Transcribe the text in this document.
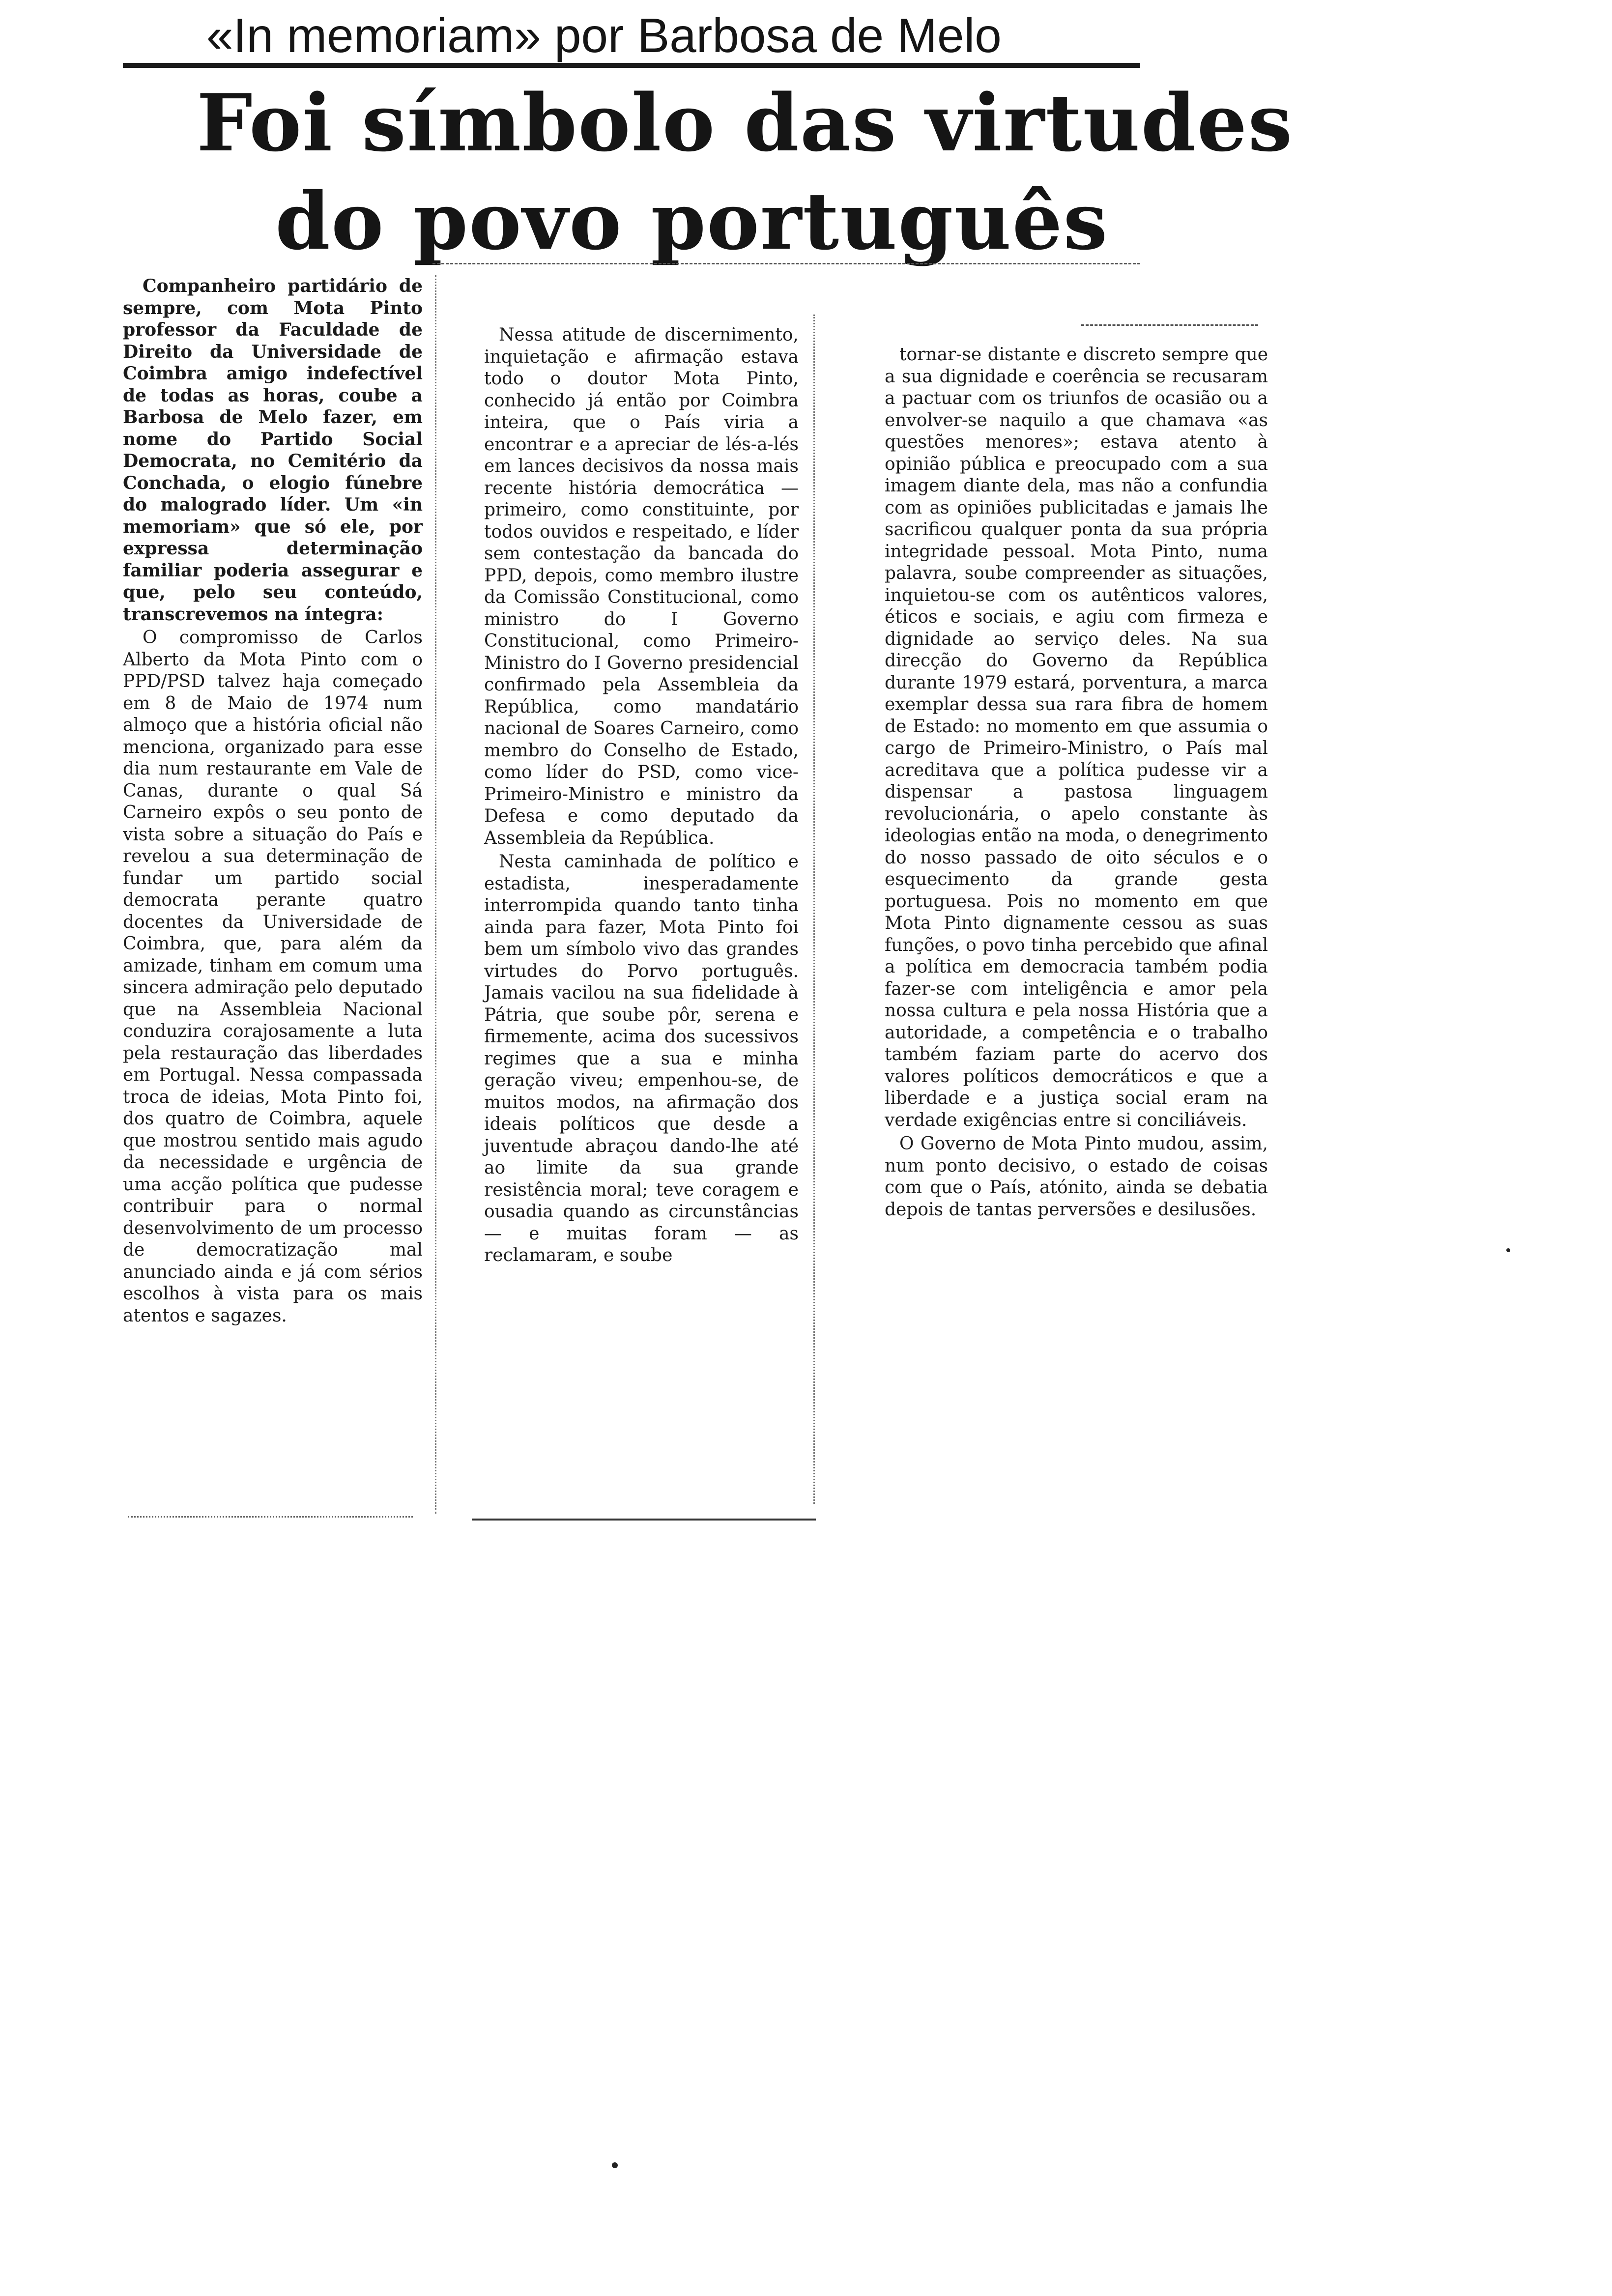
«In memoriam» por Barbosa de Melo
Foi símbolo das virtudes
do povo português

Companheiro partidário de sempre, com Mota Pinto professor da Faculdade de Direito da Universidade de Coimbra amigo indefectível de todas as horas, coube a Barbosa de Melo fazer, em nome do Partido Social Democrata, no Cemitério da Conchada, o elogio fúnebre do malogrado líder. Um «in memoriam» que só ele, por expressa determinação familiar poderia assegurar e que, pelo seu conteúdo, transcrevemos na íntegra:

O compromisso de Carlos Alberto da Mota Pinto com o PPD/PSD talvez haja começado em 8 de Maio de 1974 num almoço que a história oficial não menciona, organizado para esse dia num restaurante em Vale de Canas, durante o qual Sá Carneiro expôs o seu ponto de vista sobre a situação do País e revelou a sua determinação de fundar um partido social democrata perante quatro docentes da Universidade de Coimbra, que, para além da amizade, tinham em comum uma sincera admiração pelo deputado que na Assembleia Nacional conduzira corajosamente a luta pela restauração das liberdades em Portugal. Nessa compassada troca de ideias, Mota Pinto foi, dos quatro de Coimbra, aquele que mostrou sentido mais agudo da necessidade e urgência de uma acção política que pudesse contribuir para o normal desenvolvimento de um processo de democratização mal anunciado ainda e já com sérios escolhos à vista para os mais atentos e sagazes.

Nessa atitude de discernimento, inquietação e afirmação estava todo o doutor Mota Pinto, conhecido já então por Coimbra inteira, que o País viria a encontrar e a apreciar de lés-a-lés em lances decisivos da nossa mais recente história democrática — primeiro, como constituinte, por todos ouvidos e respeitado, e líder sem contestação da bancada do PPD, depois, como membro ilustre da Comissão Constitucional, como ministro do I Governo Constitucional, como Primeiro-Ministro do I Governo presidencial confirmado pela Assembleia da República, como mandatário nacional de Soares Carneiro, como membro do Conselho de Estado, como líder do PSD, como vice-Primeiro-Ministro e ministro da Defesa e como deputado da Assembleia da República.

Nesta caminhada de político e estadista, inesperadamente interrompida quando tanto tinha ainda para fazer, Mota Pinto foi bem um símbolo vivo das grandes virtudes do Porvo português. Jamais vacilou na sua fidelidade à Pátria, que soube pôr, serena e firmemente, acima dos sucessivos regimes que a sua e minha geração viveu; empenhou-se, de muitos modos, na afirmação dos ideais políticos que desde a juventude abraçou dando-lhe até ao limite da sua grande resistência moral; teve coragem e ousadia quando as circunstâncias — e muitas foram — as reclamaram, e soube

tornar-se distante e discreto sempre que a sua dignidade e coerência se recusaram a pactuar com os triunfos de ocasião ou a envolver-se naquilo a que chamava «as questões menores»; estava atento à opinião pública e preocupado com a sua imagem diante dela, mas não a confundia com as opiniões publicitadas e jamais lhe sacrificou qualquer ponta da sua própria integridade pessoal. Mota Pinto, numa palavra, soube compreender as situações, inquietou-se com os autênticos valores, éticos e sociais, e agiu com firmeza e dignidade ao serviço deles. Na sua direcção do Governo da República durante 1979 estará, porventura, a marca exemplar dessa sua rara fibra de homem de Estado: no momento em que assumia o cargo de Primeiro-Ministro, o País mal acreditava que a política pudesse vir a dispensar a pastosa linguagem revolucionária, o apelo constante às ideologias então na moda, o denegrimento do nosso passado de oito séculos e o esquecimento da grande gesta portuguesa. Pois no momento em que Mota Pinto dignamente cessou as suas funções, o povo tinha percebido que afinal a política em democracia também podia fazer-se com inteligência e amor pela nossa cultura e pela nossa História que a autoridade, a competência e o trabalho também faziam parte do acervo dos valores políticos democráticos e que a liberdade e a justiça social eram na verdade exigências entre si conciliáveis.

O Governo de Mota Pinto mudou, assim, num ponto decisivo, o estado de coisas com que o País, atónito, ainda se debatia depois de tantas perversões e desilusões.
